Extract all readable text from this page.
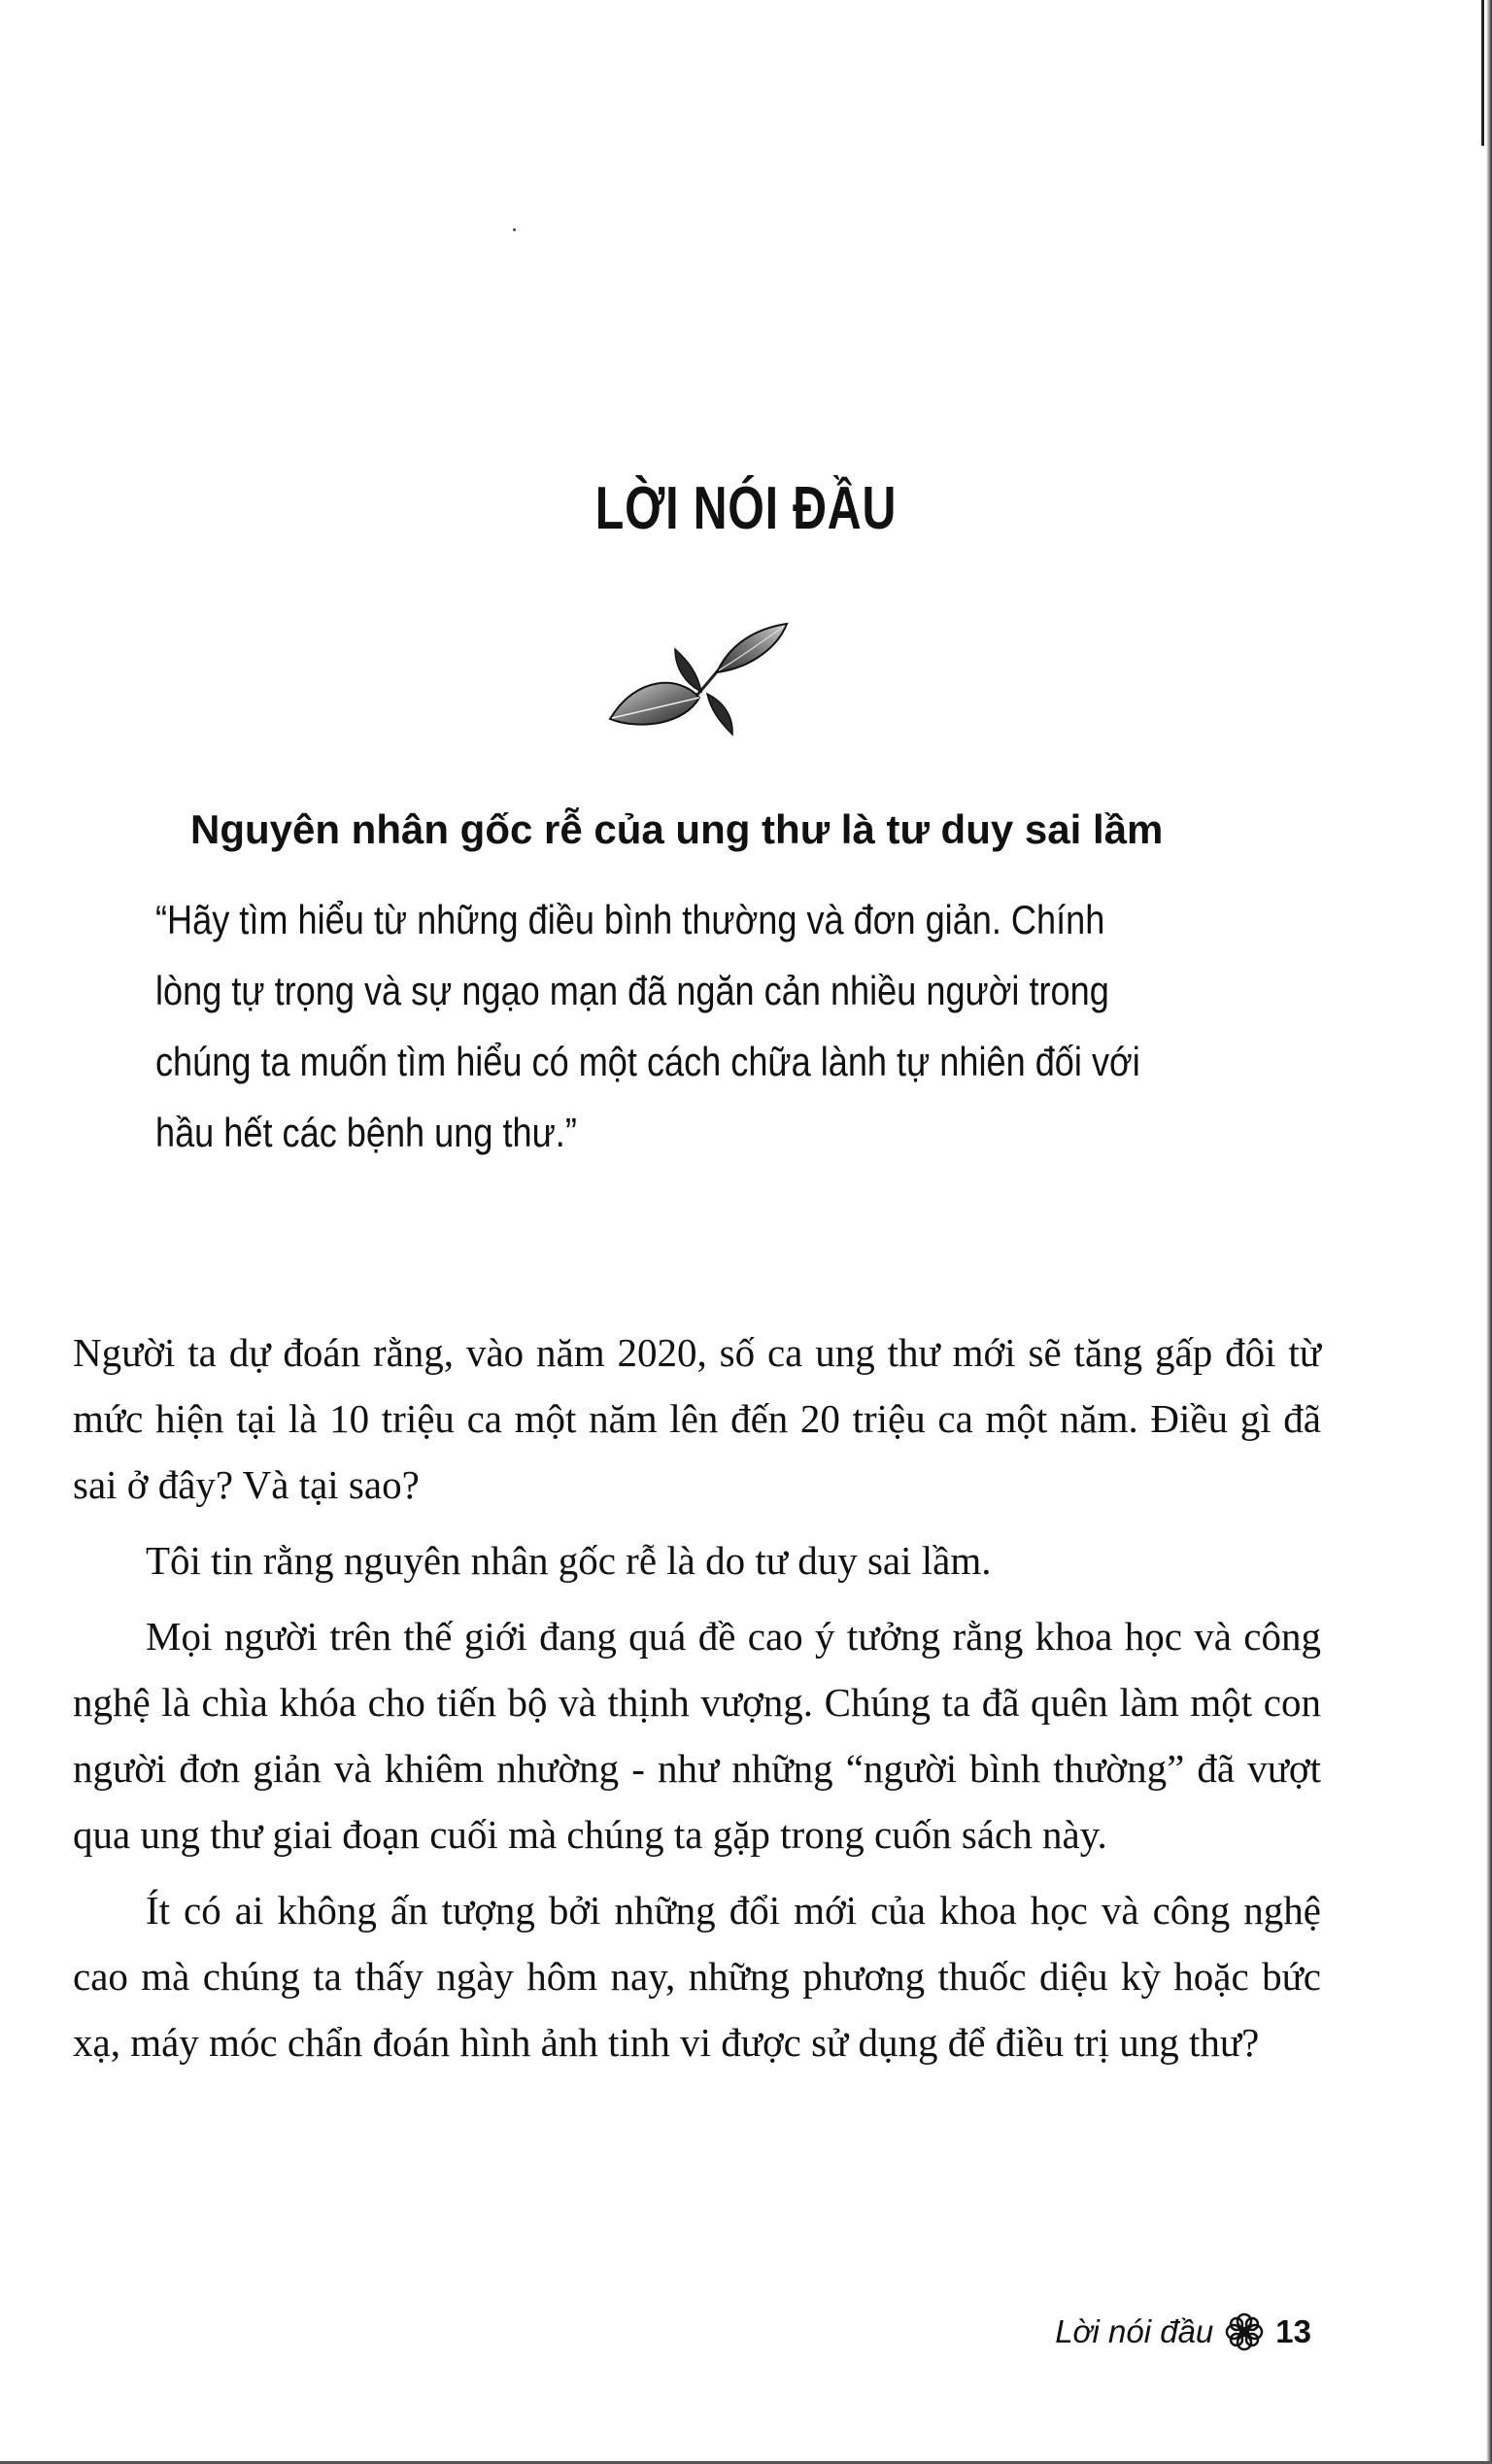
LỜI NÓI ĐẦU
Nguyên nhân gốc rễ của ung thư là tư duy sai lầm
“Hãy tìm hiểu từ những điều bình thường và đơn giản. Chính lòng tự trọng và sự ngạo mạn đã ngăn cản nhiều người trong chúng ta muốn tìm hiểu có một cách chữa lành tự nhiên đối với hầu hết các bệnh ung thư.”

Người ta dự đoán rằng, vào năm 2020, số ca ung thư mới sẽ tăng gấp đôi từ mức hiện tại là 10 triệu ca một năm lên đến 20 triệu ca một năm. Điều gì đã sai ở đây? Và tại sao?

Tôi tin rằng nguyên nhân gốc rễ là do tư duy sai lầm.

Mọi người trên thế giới đang quá đề cao ý tưởng rằng khoa học và công nghệ là chìa khóa cho tiến bộ và thịnh vượng. Chúng ta đã quên làm một con người đơn giản và khiêm nhường - như những “người bình thường” đã vượt qua ung thư giai đoạn cuối mà chúng ta gặp trong cuốn sách này.

Ít có ai không ấn tượng bởi những đổi mới của khoa học và công nghệ cao mà chúng ta thấy ngày hôm nay, những phương thuốc diệu kỳ hoặc bức xạ, máy móc chẩn đoán hình ảnh tinh vi được sử dụng để điều trị ung thư?

Lời nói đầu 13
